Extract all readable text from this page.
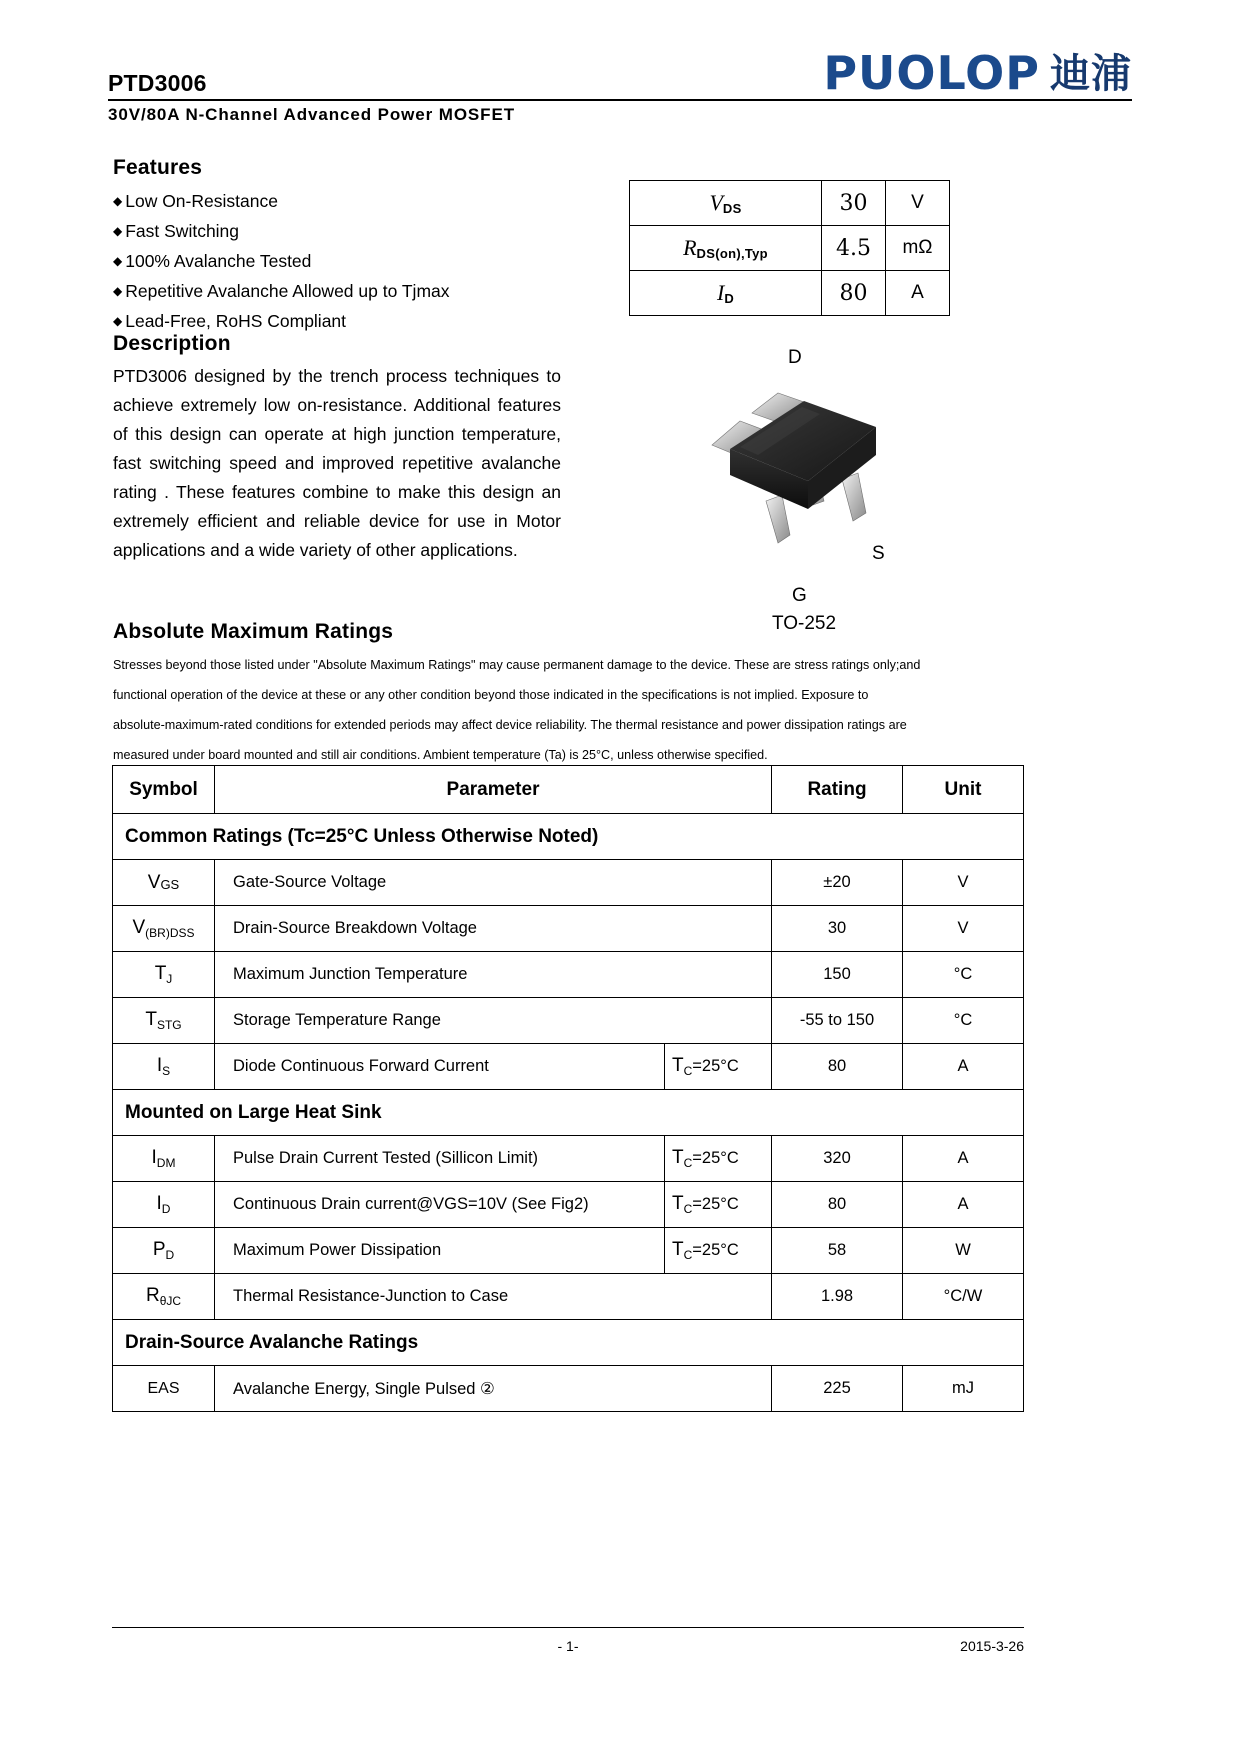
PTD3006	PUOLOP 迪浦
30V/80A N-Channel Advanced Power MOSFET
Features
◆ Low On-Resistance
◆ Fast Switching
◆ 100% Avalanche Tested
◆ Repetitive Avalanche Allowed up to Tjmax
◆ Lead-Free, RoHS Compliant
Description

PTD3006 designed by the trench process techniques to achieve extremely low on-resistance. Additional features of this design can operate at high junction temperature, fast switching speed and improved repetitive avalanche rating . These features combine to make this design an extremely efficient and reliable device for use in Motor applications and a wide variety of other applications.

$V_{DS}$	30	V
$R_{DS(on),Typ}$	4.5	mΩ
$I_D$	80	A
D
S
G
TO-252
Absolute Maximum Ratings

Stresses beyond those listed under "Absolute Maximum Ratings" may cause permanent damage to the device. These are stress ratings only;and

functional operation of the device at these or any other condition beyond those indicated in the specifications is not implied. Exposure to

absolute-maximum-rated conditions for extended periods may affect device reliability. The thermal resistance and power dissipation ratings are

measured under board mounted and still air conditions. Ambient temperature (Ta) is 25°C, unless otherwise specified.

Symbol	Parameter		Rating	Unit
Common Ratings (Tc=25°C Unless Otherwise Noted)				
VGS	Gate-Source Voltage		±20	V
$V_{(BR)DSS}$	Drain-Source Breakdown Voltage		30	V
$T_J$	Maximum Junction Temperature		150	°C
$T_{STG}$	Storage Temperature Range		-55 to 150	°C
$I_S$	Diode Continuous Forward Current	$T_C=25^\circ C$	80	A
Mounted on Large Heat Sink				
$I_{DM}$	Pulse Drain Current Tested (Sillicon Limit)	$T_C=25^\circ C$	320	A
$I_D$	Continuous Drain current@VGS=10V (See Fig2)	$T_C=25^\circ C$	80	A
$P_D$	Maximum Power Dissipation	$T_C=25^\circ C$	58	W
$R_{\theta JC}$	Thermal Resistance-Junction to Case		1.98	°C/W
Drain-Source Avalanche Ratings				
EAS	Avalanche Energy, Single Pulsed ②		225	mJ
- 1-	2015-3-26
